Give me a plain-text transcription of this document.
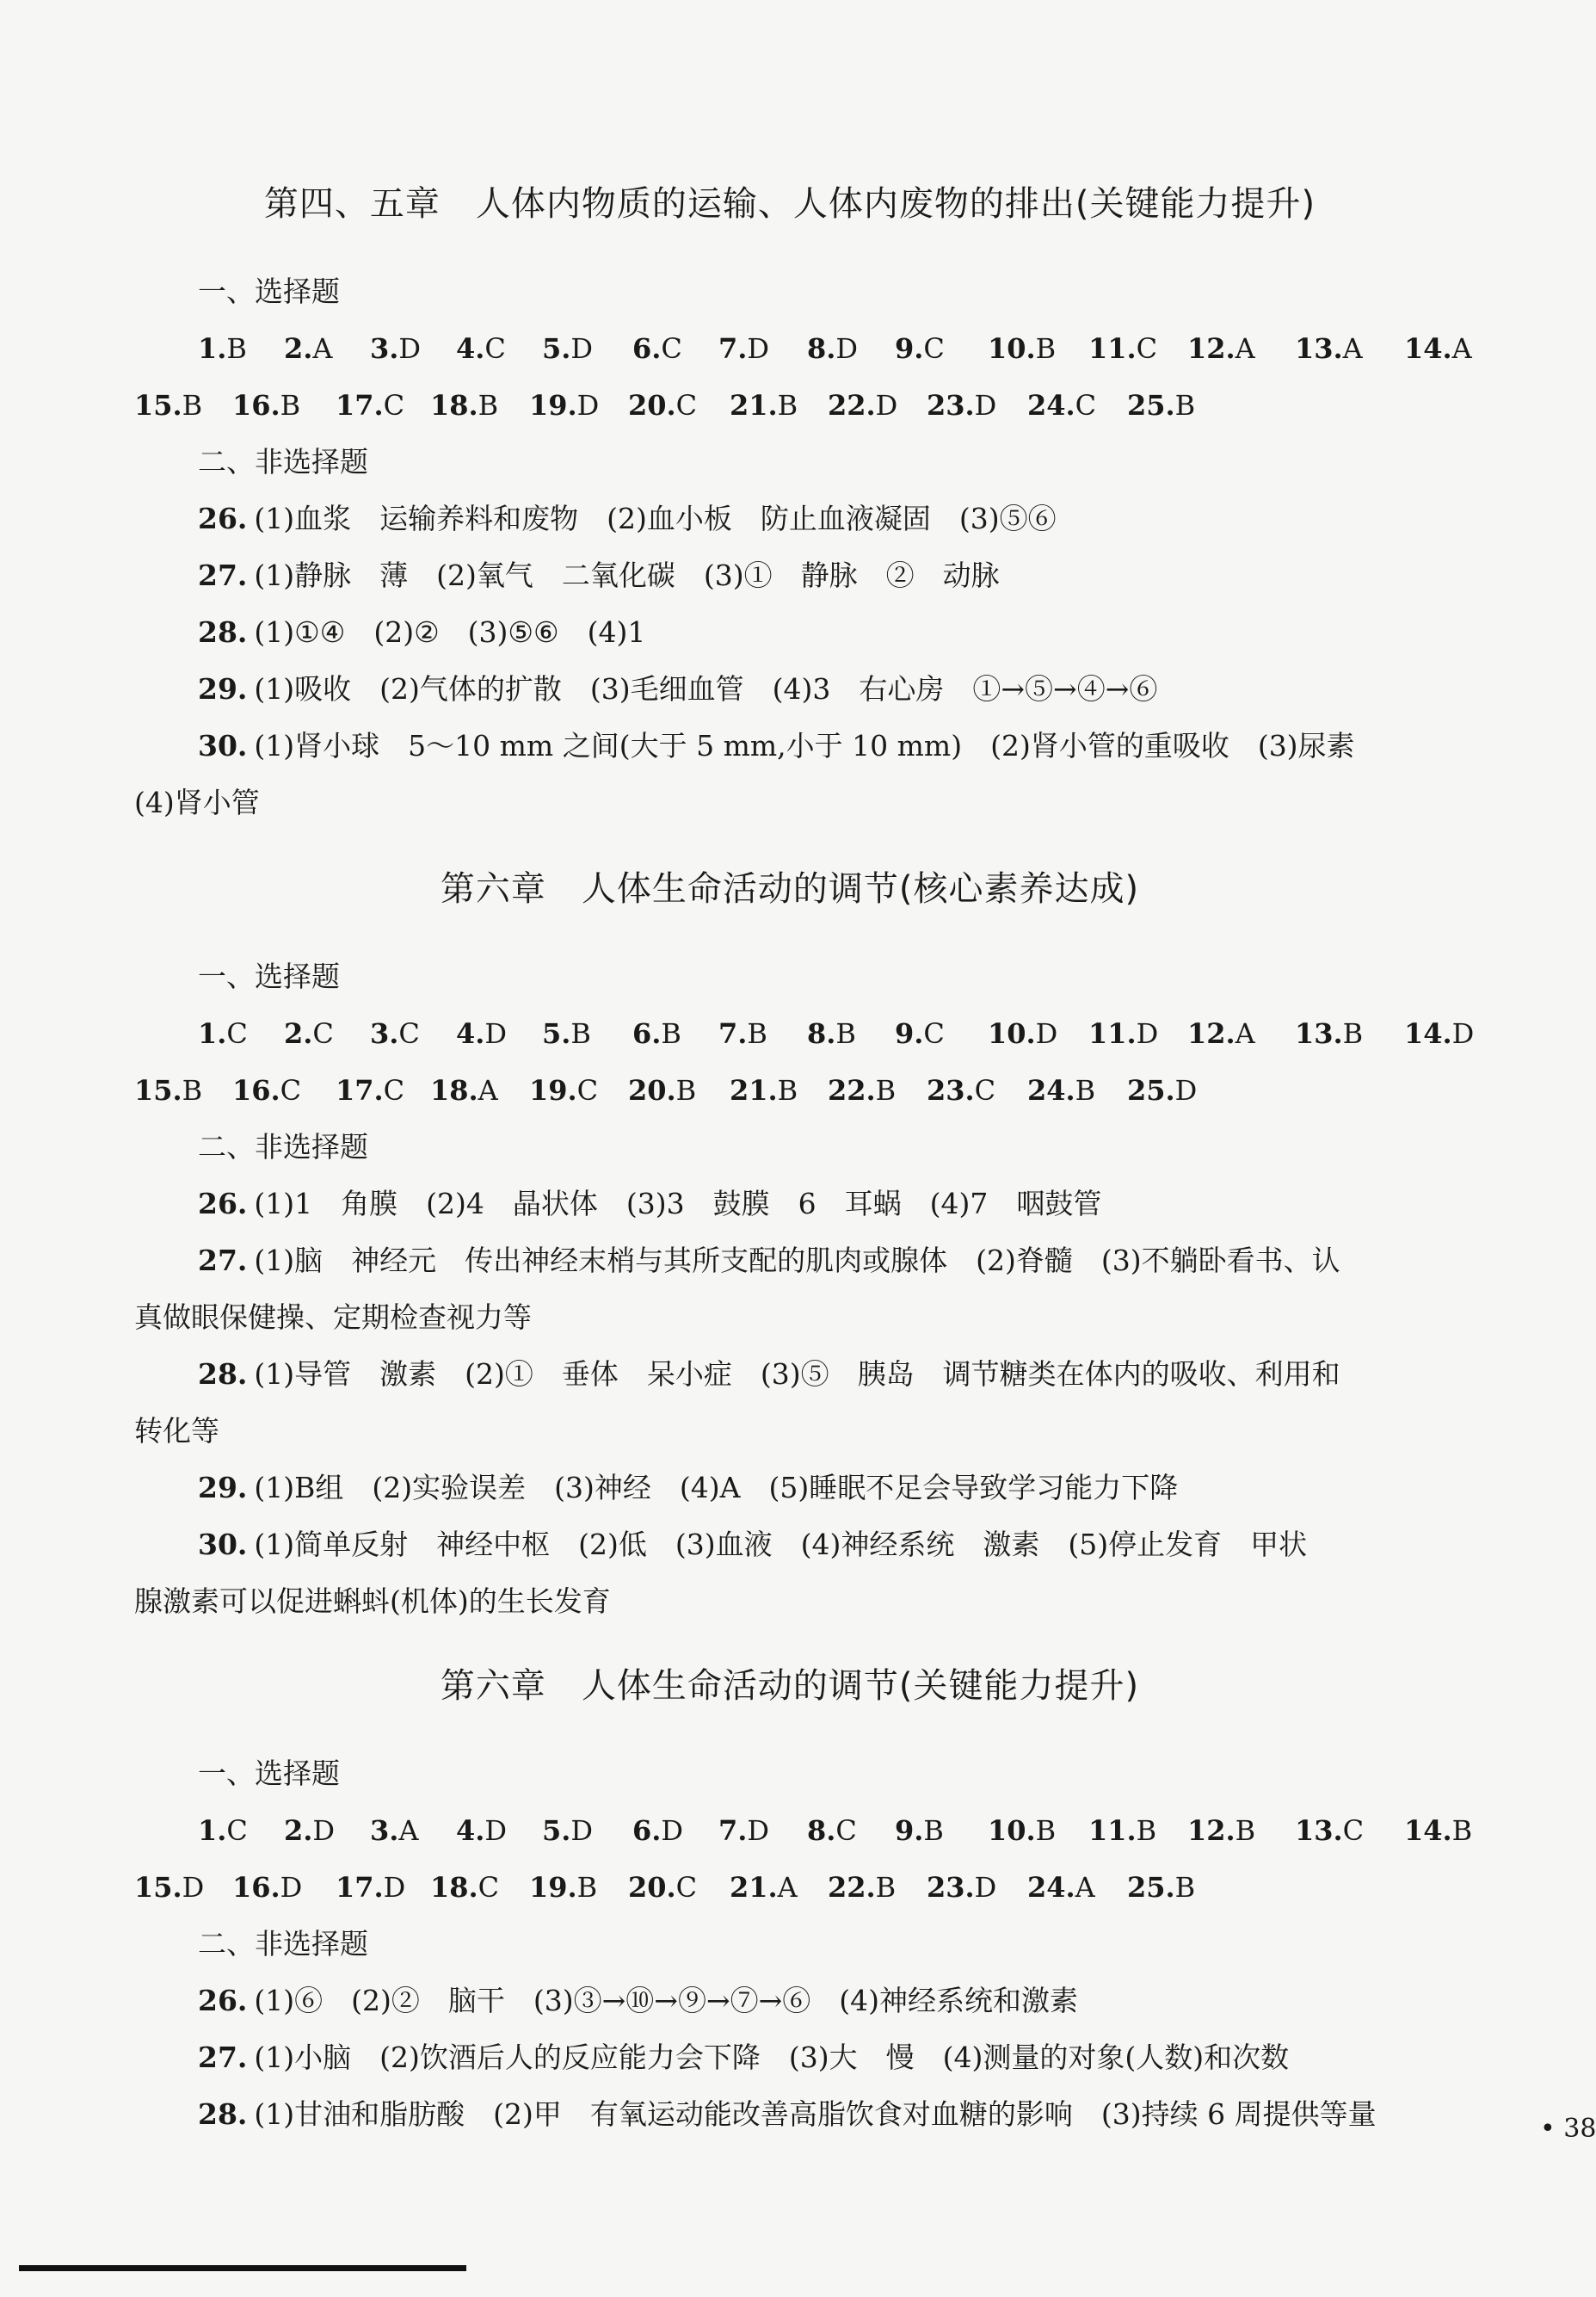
第四、五章　人体内物质的运输、人体内废物的排出(关键能力提升)
一、选择题
1.B 2.A 3.D 4.C 5.D 6.C 7.D 8.D 9.C 10.B 11.C 12.A 13.A 14.A
15.B 16.B 17.C 18.B 19.D 20.C 21.B 22.D 23.D 24.C 25.B
二、非选择题
26. (1)血浆　运输养料和废物　(2)血小板　防止血液凝固　(3)⑤⑥
27. (1)静脉　薄　(2)氧气　二氧化碳　(3)①　静脉　②　动脉
28. (1)①④　(2)②　(3)⑤⑥　(4)1
29. (1)吸收　(2)气体的扩散　(3)毛细血管　(4)3　右心房　①→⑤→④→⑥
30. (1)肾小球　5～10 mm 之间(大于 5 mm,小于 10 mm)　(2)肾小管的重吸收　(3)尿素
(4)肾小管
第六章　人体生命活动的调节(核心素养达成)
一、选择题
1.C 2.C 3.C 4.D 5.B 6.B 7.B 8.B 9.C 10.D 11.D 12.A 13.B 14.D
15.B 16.C 17.C 18.A 19.C 20.B 21.B 22.B 23.C 24.B 25.D
二、非选择题
26. (1)1　角膜　(2)4　晶状体　(3)3　鼓膜　6　耳蜗　(4)7　咽鼓管
27. (1)脑　神经元　传出神经末梢与其所支配的肌肉或腺体　(2)脊髓　(3)不躺卧看书、认
真做眼保健操、定期检查视力等
28. (1)导管　激素　(2)①　垂体　呆小症　(3)⑤　胰岛　调节糖类在体内的吸收、利用和
转化等
29. (1)B组　(2)实验误差　(3)神经　(4)A　(5)睡眠不足会导致学习能力下降
30. (1)简单反射　神经中枢　(2)低　(3)血液　(4)神经系统　激素　(5)停止发育　甲状
腺激素可以促进蝌蚪(机体)的生长发育
第六章　人体生命活动的调节(关键能力提升)
一、选择题
1.C 2.D 3.A 4.D 5.D 6.D 7.D 8.C 9.B 10.B 11.B 12.B 13.C 14.B
15.D 16.D 17.D 18.C 19.B 20.C 21.A 22.B 23.D 24.A 25.B
二、非选择题
26. (1)⑥　(2)②　脑干　(3)③→⑩→⑨→⑦→⑥　(4)神经系统和激素
27. (1)小脑　(2)饮酒后人的反应能力会下降　(3)大　慢　(4)测量的对象(人数)和次数
28. (1)甘油和脂肪酸　(2)甲　有氧运动能改善高脂饮食对血糖的影响　(3)持续 6 周提供等量	• 38
